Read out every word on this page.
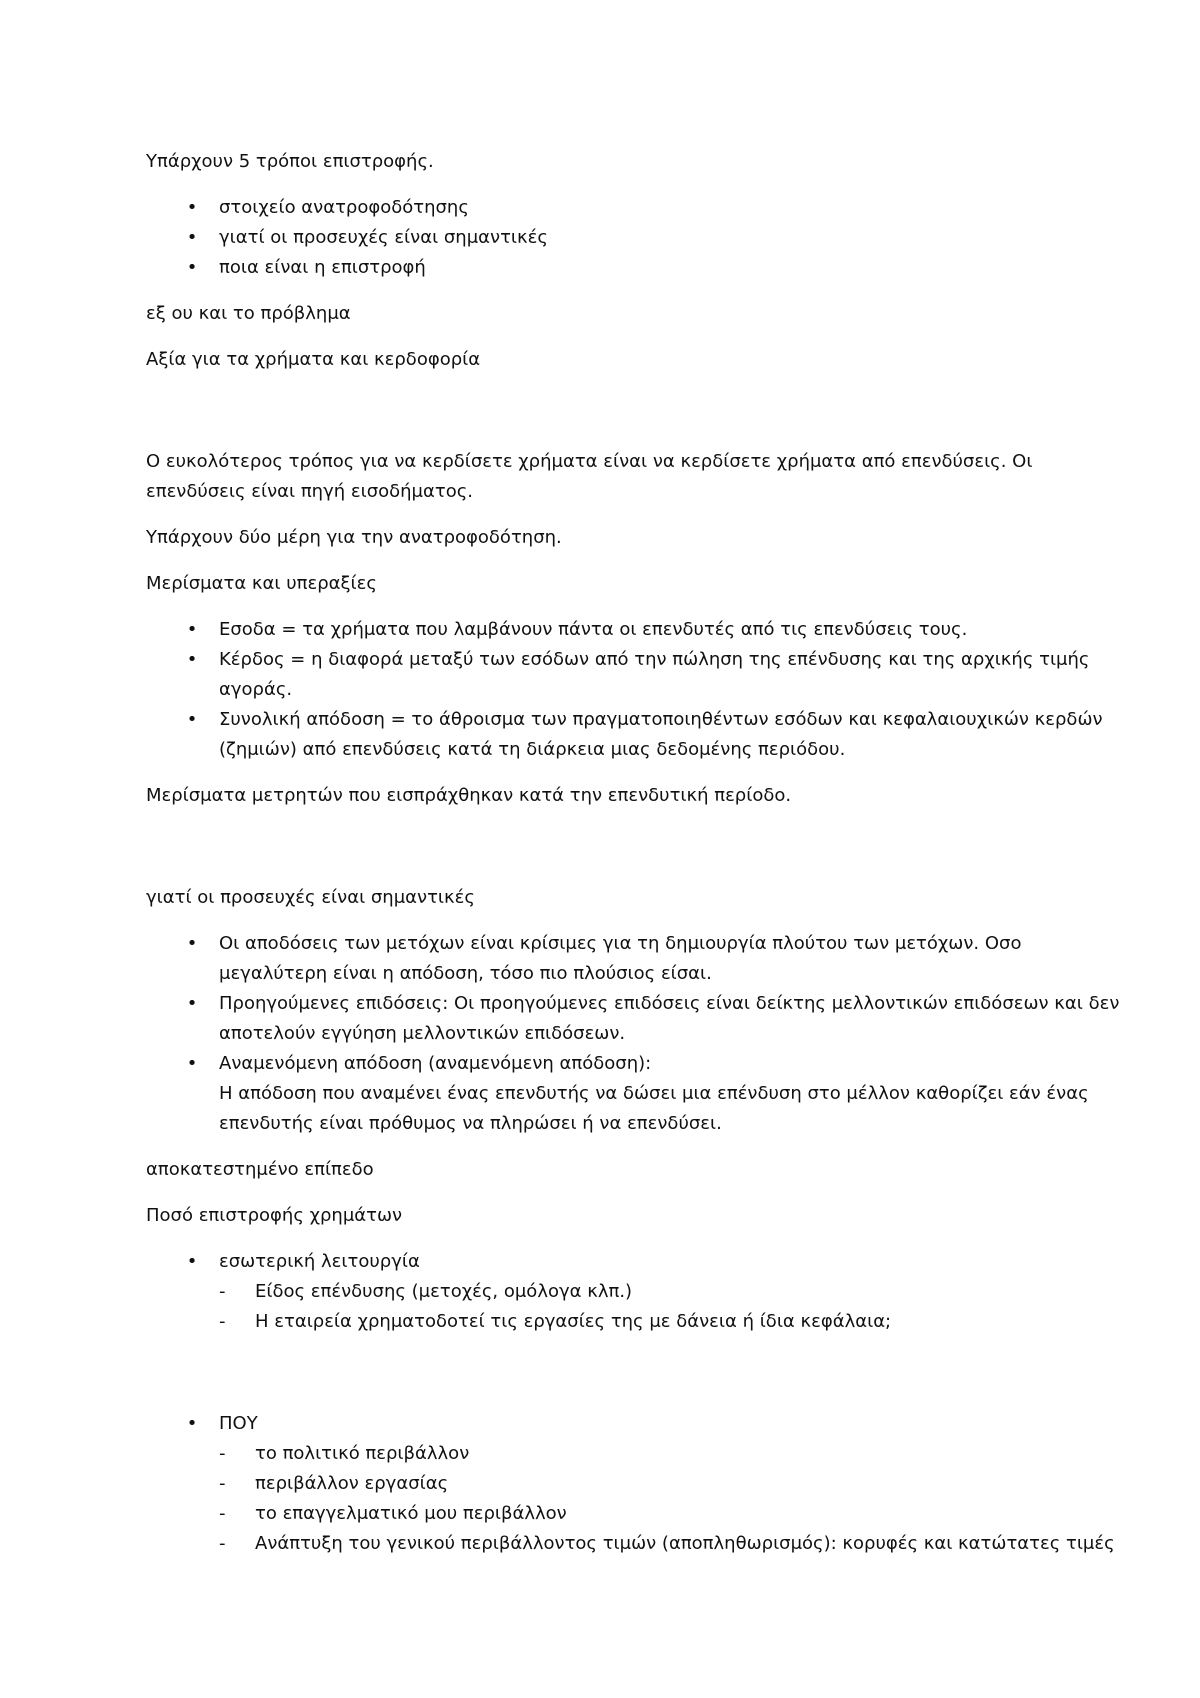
Υπάρχουν 5 τρόποι επιστροφής.

• στοιχείο ανατροφοδότησης
• γιατί οι προσευχές είναι σημαντικές
• ποια είναι η επιστροφή

εξ ου και το πρόβλημα

Αξία για τα χρήματα και κερδοφορία

Ο ευκολότερος τρόπος για να κερδίσετε χρήματα είναι να κερδίσετε χρήματα από επενδύσεις. Οι επενδύσεις είναι πηγή εισοδήματος.

Υπάρχουν δύο μέρη για την ανατροφοδότηση.

Μερίσματα και υπεραξίες

• Εσοδα = τα χρήματα που λαμβάνουν πάντα οι επενδυτές από τις επενδύσεις τους.
• Κέρδος = η διαφορά μεταξύ των εσόδων από την πώληση της επένδυσης και της αρχικής τιμής αγοράς.
• Συνολική απόδοση = το άθροισμα των πραγματοποιηθέντων εσόδων και κεφαλαιουχικών κερδών (ζημιών) από επενδύσεις κατά τη διάρκεια μιας δεδομένης περιόδου.

Μερίσματα μετρητών που εισπράχθηκαν κατά την επενδυτική περίοδο.

γιατί οι προσευχές είναι σημαντικές

• Οι αποδόσεις των μετόχων είναι κρίσιμες για τη δημιουργία πλούτου των μετόχων. Οσο μεγαλύτερη είναι η απόδοση, τόσο πιο πλούσιος είσαι.
• Προηγούμενες επιδόσεις: Οι προηγούμενες επιδόσεις είναι δείκτης μελλοντικών επιδόσεων και δεν αποτελούν εγγύηση μελλοντικών επιδόσεων.
• Αναμενόμενη απόδοση (αναμενόμενη απόδοση):
Η απόδοση που αναμένει ένας επενδυτής να δώσει μια επένδυση στο μέλλον καθορίζει εάν ένας επενδυτής είναι πρόθυμος να πληρώσει ή να επενδύσει.

αποκατεστημένο επίπεδο

Ποσό επιστροφής χρημάτων

• εσωτερική λειτουργία
- Είδος επένδυσης (μετοχές, ομόλογα κλπ.)
- Η εταιρεία χρηματοδοτεί τις εργασίες της με δάνεια ή ίδια κεφάλαια;
• ΠΟΥ
- το πολιτικό περιβάλλον
- περιβάλλον εργασίας
- το επαγγελματικό μου περιβάλλον
- Ανάπτυξη του γενικού περιβάλλοντος τιμών (αποπληθωρισμός): κορυφές και κατώτατες τιμές
